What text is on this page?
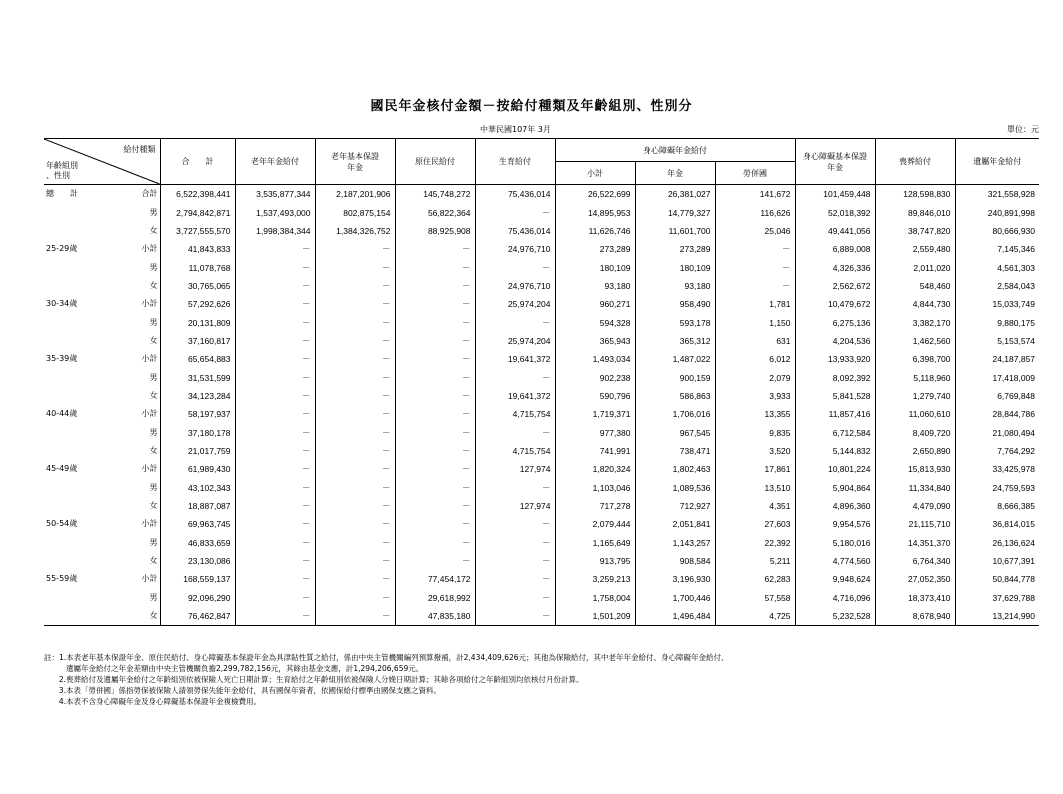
國民年金核付金額－按給付種類及年齡組別、性別分
中華民國107年 3月	單位：元
給付種類
年齡組別
、性別		合　　計	老年年金給付	老年基本保證年金	原住民給付	生育給付	身心障礙年金給付			身心障礙基本保證年金	喪葬給付	遺屬年金給付
							小計	年金	勞併國			
總　　計	合計	6,522,398,441	3,535,877,344	2,187,201,906	145,748,272	75,436,014	26,522,699	26,381,027	141,672	101,459,448	128,598,830	321,558,928
	男	2,794,842,871	1,537,493,000	802,875,154	56,822,364	－	14,895,953	14,779,327	116,626	52,018,392	89,846,010	240,891,998
	女	3,727,555,570	1,998,384,344	1,384,326,752	88,925,908	75,436,014	11,626,746	11,601,700	25,046	49,441,056	38,747,820	80,666,930
25-29歲	小計	41,843,833	－	－	－	24,976,710	273,289	273,289	－	6,889,008	2,559,480	7,145,346
	男	11,078,768	－	－	－	－	180,109	180,109	－	4,326,336	2,011,020	4,561,303
	女	30,765,065	－	－	－	24,976,710	93,180	93,180	－	2,562,672	548,460	2,584,043
30-34歲	小計	57,292,626	－	－	－	25,974,204	960,271	958,490	1,781	10,479,672	4,844,730	15,033,749
	男	20,131,809	－	－	－	－	594,328	593,178	1,150	6,275,136	3,382,170	9,880,175
	女	37,160,817	－	－	－	25,974,204	365,943	365,312	631	4,204,536	1,462,560	5,153,574
35-39歲	小計	65,654,883	－	－	－	19,641,372	1,493,034	1,487,022	6,012	13,933,920	6,398,700	24,187,857
	男	31,531,599	－	－	－	－	902,238	900,159	2,079	8,092,392	5,118,960	17,418,009
	女	34,123,284	－	－	－	19,641,372	590,796	586,863	3,933	5,841,528	1,279,740	6,769,848
40-44歲	小計	58,197,937	－	－	－	4,715,754	1,719,371	1,706,016	13,355	11,857,416	11,060,610	28,844,786
	男	37,180,178	－	－	－	－	977,380	967,545	9,835	6,712,584	8,409,720	21,080,494
	女	21,017,759	－	－	－	4,715,754	741,991	738,471	3,520	5,144,832	2,650,890	7,764,292
45-49歲	小計	61,989,430	－	－	－	127,974	1,820,324	1,802,463	17,861	10,801,224	15,813,930	33,425,978
	男	43,102,343	－	－	－	－	1,103,046	1,089,536	13,510	5,904,864	11,334,840	24,759,593
	女	18,887,087	－	－	－	127,974	717,278	712,927	4,351	4,896,360	4,479,090	8,666,385
50-54歲	小計	69,963,745	－	－	－	－	2,079,444	2,051,841	27,603	9,954,576	21,115,710	36,814,015
	男	46,833,659	－	－	－	－	1,165,649	1,143,257	22,392	5,180,016	14,351,370	26,136,624
	女	23,130,086	－	－	－	－	913,795	908,584	5,211	4,774,560	6,764,340	10,677,391
55-59歲	小計	168,559,137	－	－	77,454,172	－	3,259,213	3,196,930	62,283	9,948,624	27,052,350	50,844,778
	男	92,096,290	－	－	29,618,992	－	1,758,004	1,700,446	57,558	4,716,096	18,373,410	37,629,788
	女	76,462,847	－	－	47,835,180	－	1,501,209	1,496,484	4,725	5,232,528	8,678,940	13,214,990
註：1.本表老年基本保證年金、原住民給付、身心障礙基本保證年金為具津貼性質之給付，係由中央主管機關編列預算撥補，計2,434,409,626元；其他為保險給付，其中老年年金給付、身心障礙年金給付、
遺屬年金給付之年金差額由中央主管機關負擔2,299,782,156元，其餘由基金支應，計1,294,206,659元。
2.喪葬給付及遺屬年金給付之年齡組別依被保險人死亡日期計算；生育給付之年齡組別依被保險人分娩日期計算；其餘各項給付之年齡組別均依核付月份計算。
3.本表「勞併國」係指勞保被保險人請領勞保失能年金給付，具有國保年資者，依國保給付標準由國保支應之資料。
4.本表不含身心障礙年金及身心障礙基本保證年金複檢費用。
